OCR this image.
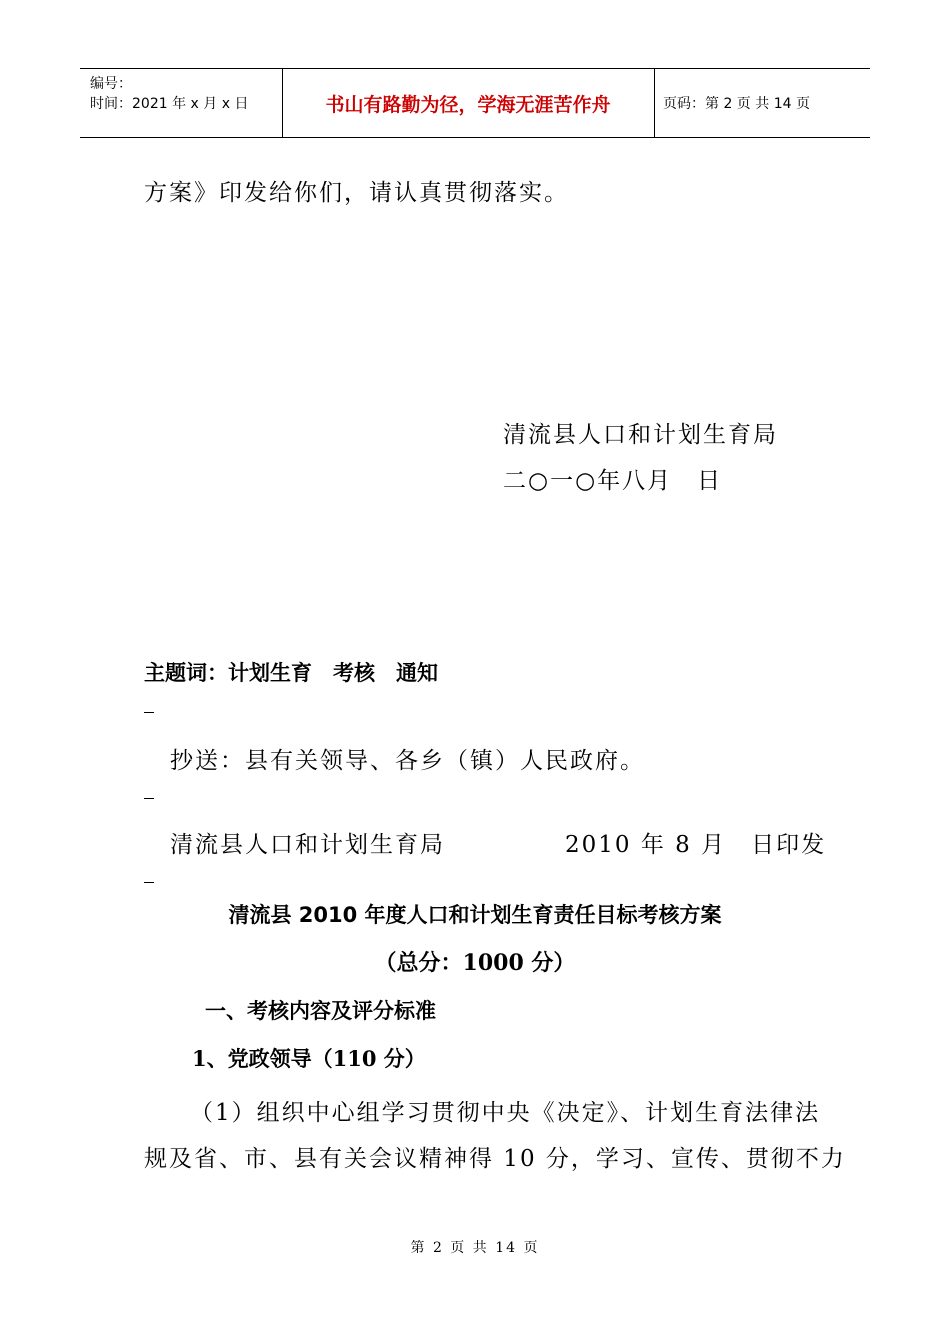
编号：
时间：2021 年 x 月 x 日	书山有路勤为径，学海无涯苦作舟	页码：第 2 页 共 14 页
方案》印发给你们，请认真贯彻落实。
清流县人口和计划生育局
二○一○年八月　日
主题词：计划生育　考核　通知
抄送：县有关领导、各乡（镇）人民政府。
清流县人口和计划生育局	2010 年 8 月　日印发
清流县 2010 年度人口和计划生育责任目标考核方案
（总分：1000 分）
一、考核内容及评分标准
1、党政领导（110 分）
（1）组织中心组学习贯彻中央《决定》、计划生育法律法
规及省、市、县有关会议精神得 10 分，学习、宣传、贯彻不力
第 2 页 共 14 页
